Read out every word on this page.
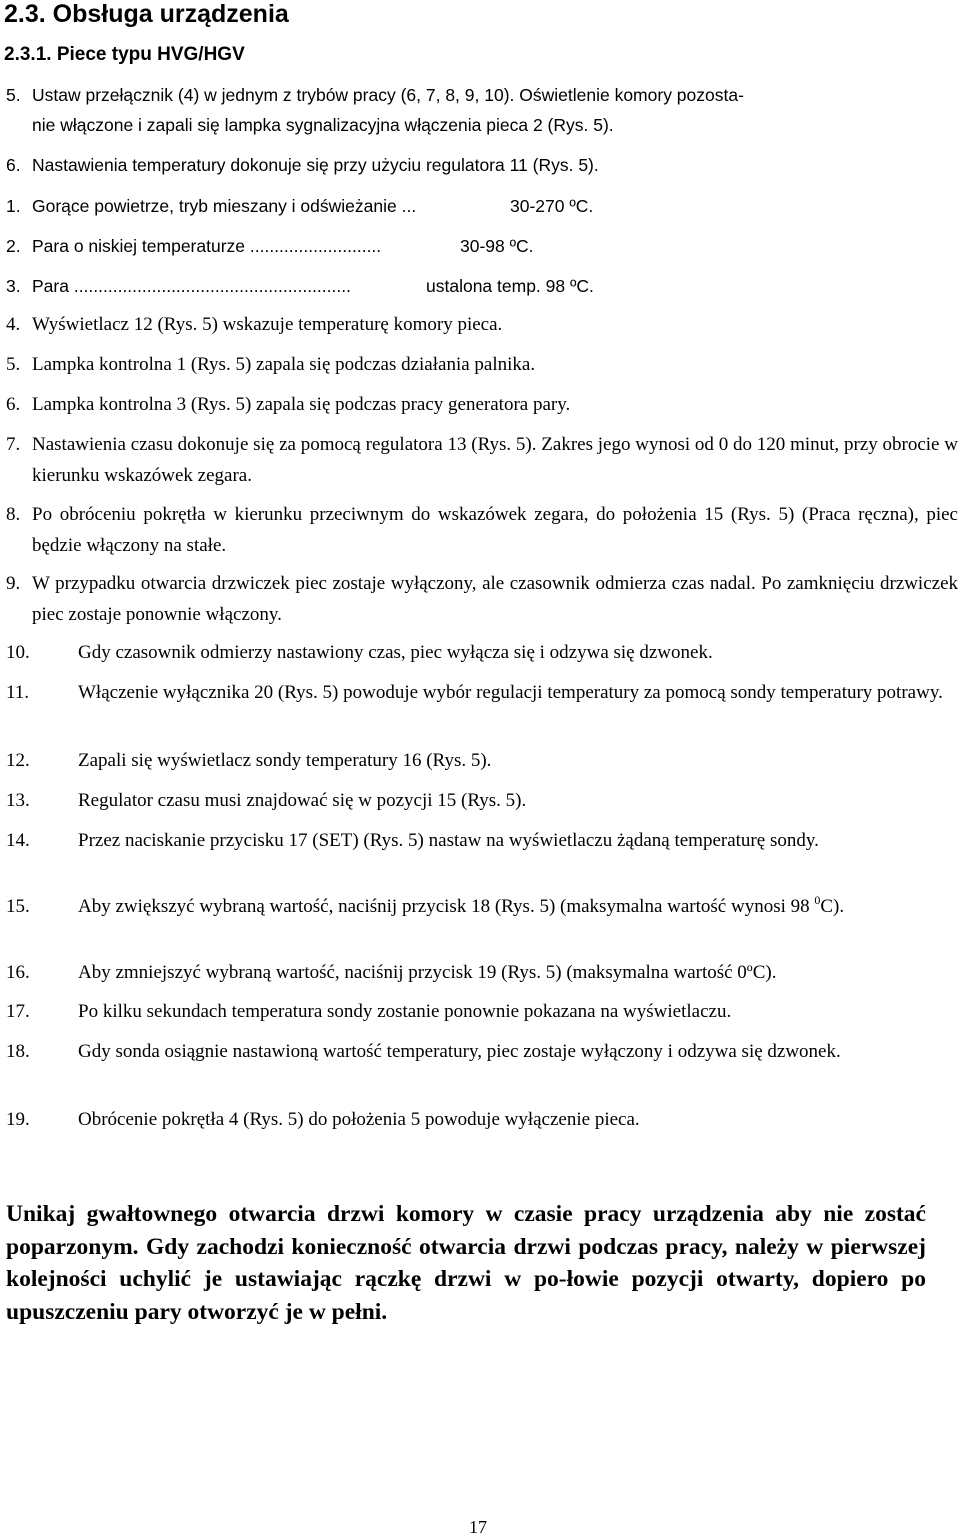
2.3. Obsługa urządzenia
2.3.1. Piece typu HVG/HGV
5. Ustaw przełącznik (4) w jednym z trybów pracy (6, 7, 8, 9, 10). Oświetlenie komory pozosta-
nie włączone i zapali się lampka sygnalizacyjna włączenia pieca 2 (Rys. 5).
6. Nastawienia temperatury dokonuje się przy użyciu regulatora 11 (Rys. 5).
1. Gorące powietrze, tryb mieszany i odświeżanie ...	30-270 ºC.
2. Para o niskiej temperaturze ...........................	30-98 ºC.
3. Para .........................................................	ustalona temp. 98 ºC.
4. Wyświetlacz 12 (Rys. 5) wskazuje temperaturę komory pieca.
5. Lampka kontrolna 1 (Rys. 5) zapala się podczas działania palnika.
6. Lampka kontrolna 3 (Rys. 5) zapala się podczas pracy generatora pary.
7. Nastawienia czasu dokonuje się za pomocą regulatora 13 (Rys. 5). Zakres jego wynosi od 0 do 120 minut, przy obrocie w kierunku wskazówek zegara.
8. Po obróceniu pokrętła w kierunku przeciwnym do wskazówek zegara, do położenia 15 (Rys. 5) (Praca ręczna), piec będzie włączony na stałe.
9. W przypadku otwarcia drzwiczek piec zostaje wyłączony, ale czasownik odmierza czas nadal. Po zamknięciu drzwiczek piec zostaje ponownie włączony.
10.	Gdy czasownik odmierzy nastawiony czas, piec wyłącza się i odzywa się dzwonek.
11.	Włączenie wyłącznika 20 (Rys. 5) powoduje wybór regulacji temperatury za pomocą sondy temperatury potrawy.
12.	Zapali się wyświetlacz sondy temperatury 16 (Rys. 5).
13.	Regulator czasu musi znajdować się w pozycji 15 (Rys. 5).
14.	Przez naciskanie przycisku 17 (SET) (Rys. 5) nastaw na wyświetlaczu żądaną temperaturę sondy.
15.	Aby zwiększyć wybraną wartość, naciśnij przycisk 18 (Rys. 5) (maksymalna wartość wynosi 98 $^0$C).
16.	Aby zmniejszyć wybraną wartość, naciśnij przycisk 19 (Rys. 5) (maksymalna wartość 0ºC).
17.	Po kilku sekundach temperatura sondy zostanie ponownie pokazana na wyświetlaczu.
18.	Gdy sonda osiągnie nastawioną wartość temperatury, piec zostaje wyłączony i odzywa się dzwonek.
19.	Obrócenie pokrętła 4 (Rys. 5) do położenia 5 powoduje wyłączenie pieca.
Unikaj gwałtownego otwarcia drzwi komory w czasie pracy urządzenia aby nie zostać poparzonym. Gdy zachodzi konieczność otwarcia drzwi podczas pracy, należy w pierwszej kolejności uchylić je ustawiając rączkę drzwi w po-łowie pozycji otwarty, dopiero po upuszczeniu pary otworzyć je w pełni.
17
